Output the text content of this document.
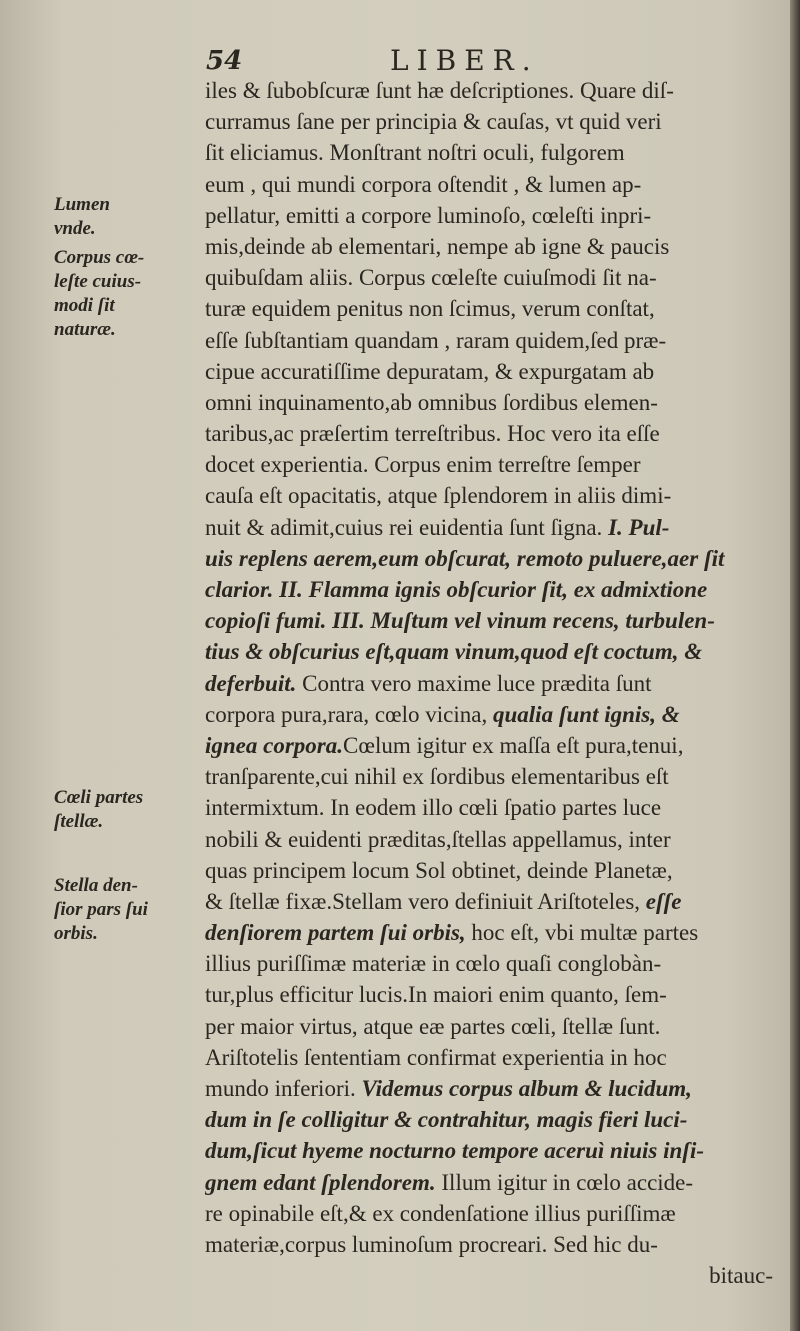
54	LIBER.
Lumen
vnde.
Corpus cœ-
leſte cuius-
modi ſit
naturæ.
Cœli partes
ſtellæ.
Stella den-
ſior pars ſui
orbis.
iles & ſubobſcuræ ſunt hæ deſcriptiones. Quare diſ-
curramus ſane per principia & cauſas, vt quid veri
ſit eliciamus. Monſtrant noſtri oculi, fulgorem
eum , qui mundi corpora oſtendit , & lumen ap-
pellatur, emitti a corpore luminoſo, cœleſti inpri-
mis,deinde ab elementari, nempe ab igne & paucis
quibuſdam aliis. Corpus cœleſte cuiuſmodi ſit na-
turæ equidem penitus non ſcimus, verum conſtat,
eſſe ſubſtantiam quandam , raram quidem,ſed præ-
cipue accuratiſſime depuratam, & expurgatam ab
omni inquinamento,ab omnibus ſordibus elemen-
taribus,ac præſertim terreſtribus. Hoc vero ita eſſe
docet experientia. Corpus enim terreſtre ſemper
cauſa eſt opacitatis, atque ſplendorem in aliis dimi-
nuit & adimit,cuius rei euidentia ſunt ſigna. I. Pul-
uis replens aerem,eum obſcurat, remoto puluere,aer ſit
clarior. II. Flamma ignis obſcurior ſit, ex admixtione
copioſi fumi. III. Muſtum vel vinum recens, turbulen-
tius & obſcurius eſt,quam vinum,quod eſt coctum, &
deferbuit. Contra vero maxime luce prædita ſunt
corpora pura,rara, cœlo vicina, qualia ſunt ignis, &
ignea corpora.Cœlum igitur ex maſſa eſt pura,tenui,
tranſparente,cui nihil ex ſordibus elementaribus eſt
intermixtum. In eodem illo cœli ſpatio partes luce
nobili & euidenti præditas,ſtellas appellamus, inter
quas principem locum Sol obtinet, deinde Planetæ,
& ſtellæ fixæ.Stellam vero definiuit Ariſtoteles, eſſe
denſiorem partem ſui orbis, hoc eſt, vbi multæ partes
illius puriſſimæ materiæ in cœlo quaſi conglobàn-
tur,plus efficitur lucis.In maiori enim quanto, ſem-
per maior virtus, atque eæ partes cœli, ſtellæ ſunt.
Ariſtotelis ſententiam confirmat experientia in hoc
mundo inferiori. Videmus corpus album & lucidum,
dum in ſe colligitur & contrahitur, magis fieri luci-
dum,ſicut hyeme nocturno tempore aceruì niuis inſi-
gnem edant ſplendorem. Illum igitur in cœlo accide-
re opinabile eſt,& ex condenſatione illius puriſſimæ
materiæ,corpus luminoſum procreari. Sed hic du-
bitauc-
